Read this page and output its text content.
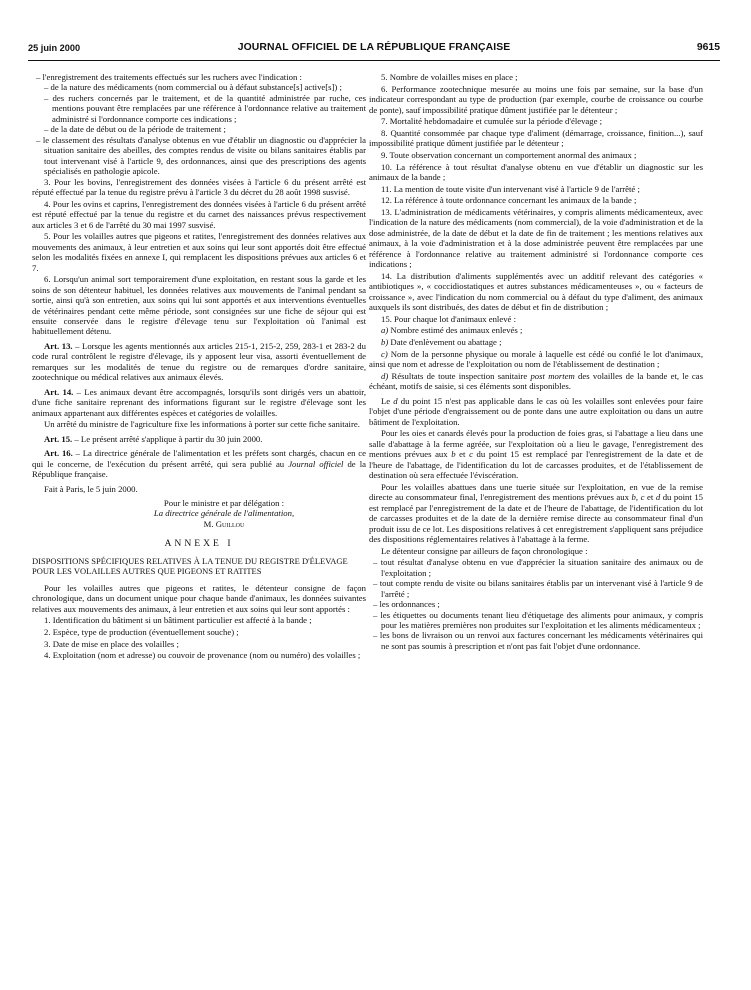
25 juin 2000	JOURNAL OFFICIEL DE LA RÉPUBLIQUE FRANÇAISE	9615

– l'enregistrement des traitements effectués sur les ruchers avec l'indication :

– de la nature des médicaments (nom commercial ou à défaut substance[s] active[s]) ;

– des ruchers concernés par le traitement, et de la quantité administrée par ruche, ces mentions pouvant être remplacées par une référence à l'ordonnance relative au traitement administré si l'ordonnance comporte ces indications ;

– de la date de début ou de la période de traitement ;

– le classement des résultats d'analyse obtenus en vue d'établir un diagnostic ou d'apprécier la situation sanitaire des abeilles, des comptes rendus de visite ou bilans sanitaires établis par tout intervenant visé à l'article 9, des ordonnances, ainsi que des prescriptions des agents spécialisés en pathologie apicole.

3. Pour les bovins, l'enregistrement des données visées à l'article 6 du présent arrêté est réputé effectué par la tenue du registre prévu à l'article 3 du décret du 28 août 1998 susvisé.

4. Pour les ovins et caprins, l'enregistrement des données visées à l'article 6 du présent arrêté est réputé effectué par la tenue du registre et du carnet des naissances prévus respectivement aux articles 3 et 6 de l'arrêté du 30 mai 1997 susvisé.

5. Pour les volailles autres que pigeons et ratites, l'enregistrement des données relatives aux mouvements des animaux, à leur entretien et aux soins qui leur sont apportés doit être effectué selon les modalités fixées en annexe I, qui remplacent les dispositions prévues aux articles 6 et 7.

6. Lorsqu'un animal sort temporairement d'une exploitation, en restant sous la garde et les soins de son détenteur habituel, les données relatives aux mouvements de l'animal pendant sa sortie, ainsi qu'à son entretien, aux soins qui lui sont apportés et aux interventions éventuelles de vétérinaires pendant cette même période, sont consignées sur une fiche de séjour qui est ensuite conservée dans le registre d'élevage tenu sur l'exploitation où l'animal est habituellement détenu.

Art. 13. – Lorsque les agents mentionnés aux articles 215-1, 215-2, 259, 283-1 et 283-2 du code rural contrôlent le registre d'élevage, ils y apposent leur visa, assorti éventuellement de remarques sur les modalités de tenue du registre ou de remarques d'ordre sanitaire, zootechnique ou médical relatives aux animaux élevés.

Art. 14. – Les animaux devant être accompagnés, lorsqu'ils sont dirigés vers un abattoir, d'une fiche sanitaire reprenant des informations figurant sur le registre d'élevage sont les animaux appartenant aux différentes espèces et catégories de volailles.

Un arrêté du ministre de l'agriculture fixe les informations à porter sur cette fiche sanitaire.

Art. 15. – Le présent arrêté s'applique à partir du 30 juin 2000.

Art. 16. – La directrice générale de l'alimentation et les préfets sont chargés, chacun en ce qui le concerne, de l'exécution du présent arrêté, qui sera publié au Journal officiel de la République française.

Fait à Paris, le 5 juin 2000.

Pour le ministre et par délégation :

La directrice générale de l'alimentation,

M. Guillou

ANNEXE I

DISPOSITIONS SPÉCIFIQUES RELATIVES À LA TENUE DU REGISTRE D'ÉLEVAGE POUR LES VOLAILLES AUTRES QUE PIGEONS ET RATITES

Pour les volailles autres que pigeons et ratites, le détenteur consigne de façon chronologique, dans un document unique pour chaque bande d'animaux, les données suivantes relatives aux mouvements des animaux, à leur entretien et aux soins qui leur sont apportés :

1. Identification du bâtiment si un bâtiment particulier est affecté à la bande ;

2. Espèce, type de production (éventuellement souche) ;

3. Date de mise en place des volailles ;

4. Exploitation (nom et adresse) ou couvoir de provenance (nom ou numéro) des volailles ;

5. Nombre de volailles mises en place ;

6. Performance zootechnique mesurée au moins une fois par semaine, sur la base d'un indicateur correspondant au type de production (par exemple, courbe de croissance ou courbe de ponte), sauf impossibilité pratique dûment justifiée par le détenteur ;

7. Mortalité hebdomadaire et cumulée sur la période d'élevage ;

8. Quantité consommée par chaque type d'aliment (démarrage, croissance, finition...), sauf impossibilité pratique dûment justifiée par le détenteur ;

9. Toute observation concernant un comportement anormal des animaux ;

10. La référence à tout résultat d'analyse obtenu en vue d'établir un diagnostic sur les animaux de la bande ;

11. La mention de toute visite d'un intervenant visé à l'article 9 de l'arrêté ;

12. La référence à toute ordonnance concernant les animaux de la bande ;

13. L'administration de médicaments vétérinaires, y compris aliments médicamenteux, avec l'indication de la nature des médicaments (nom commercial), de la voie d'administration et de la dose administrée, de la date de début et la date de fin de traitement ; les mentions relatives aux animaux, à la voie d'administration et à la dose administrée peuvent être remplacées par une référence à l'ordonnance relative au traitement administré si l'ordonnance comporte ces indications ;

14. La distribution d'aliments supplémentés avec un additif relevant des catégories « antibiotiques », « coccidiostatiques et autres substances médicamenteuses », ou « facteurs de croissance », avec l'indication du nom commercial ou à défaut du type d'aliment, des animaux auxquels ils sont distribués, des dates de début et fin de distribution ;

15. Pour chaque lot d'animaux enlevé :

a) Nombre estimé des animaux enlevés ;

b) Date d'enlèvement ou abattage ;

c) Nom de la personne physique ou morale à laquelle est cédé ou confié le lot d'animaux, ainsi que nom et adresse de l'exploitation ou nom de l'établissement de destination ;

d) Résultats de toute inspection sanitaire post mortem des volailles de la bande et, le cas échéant, motifs de saisie, si ces éléments sont disponibles.

Le d du point 15 n'est pas applicable dans le cas où les volailles sont enlevées pour faire l'objet d'une période d'engraissement ou de ponte dans une autre exploitation ou dans un autre bâtiment de l'exploitation.

Pour les oies et canards élevés pour la production de foies gras, si l'abattage a lieu dans une salle d'abattage à la ferme agréée, sur l'exploitation où a lieu le gavage, l'enregistrement des mentions prévues aux b et c du point 15 est remplacé par l'enregistrement de la date et de l'heure de l'abattage, de l'identification du lot de carcasses produites, et de l'établissement de destination où sera effectuée l'éviscération.

Pour les volailles abattues dans une tuerie située sur l'exploitation, en vue de la remise directe au consommateur final, l'enregistrement des mentions prévues aux b, c et d du point 15 est remplacé par l'enregistrement de la date et de l'heure de l'abattage, de l'identification du lot de carcasses produites et de la date de la dernière remise directe au consommateur final d'un produit issu de ce lot. Les dispositions relatives à cet enregistrement s'appliquent sans préjudice des dispositions réglementaires relatives à l'abattage à la ferme.

Le détenteur consigne par ailleurs de façon chronologique :

– tout résultat d'analyse obtenu en vue d'apprécier la situation sanitaire des animaux ou de l'exploitation ;

– tout compte rendu de visite ou bilans sanitaires établis par un intervenant visé à l'article 9 de l'arrêté ;

– les ordonnances ;

– les étiquettes ou documents tenant lieu d'étiquetage des aliments pour animaux, y compris pour les matières premières non produites sur l'exploitation et les aliments médicamenteux ;

– les bons de livraison ou un renvoi aux factures concernant les médicaments vétérinaires qui ne sont pas soumis à prescription et n'ont pas fait l'objet d'une ordonnance.
